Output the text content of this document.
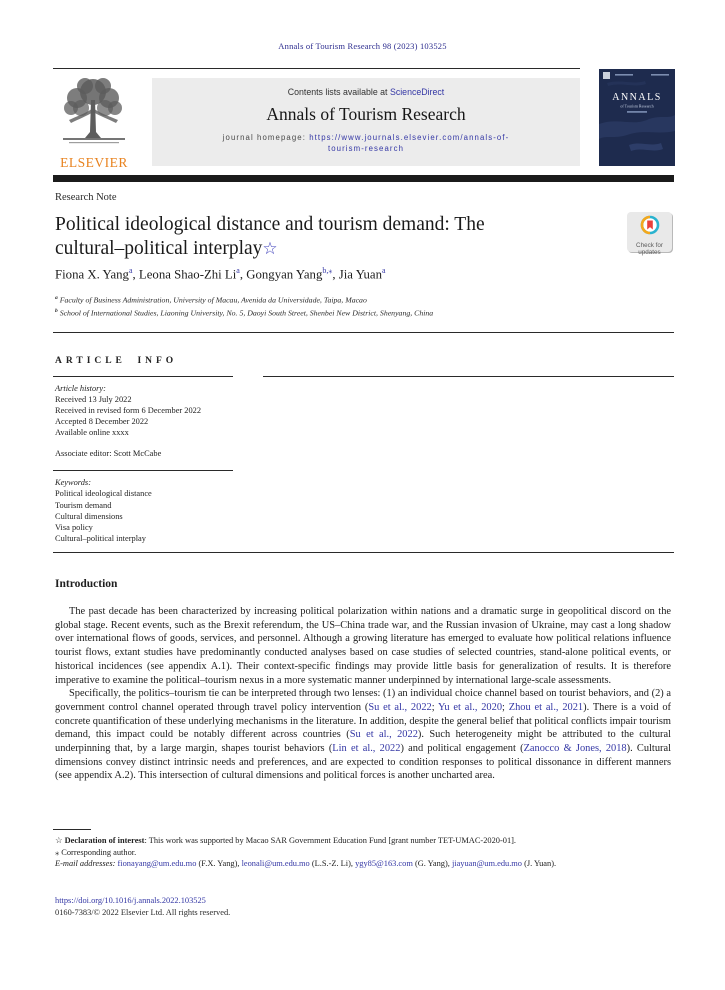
Annals of Tourism Research 98 (2023) 103525
ELSEVIER
Contents lists available at ScienceDirect
Annals of Tourism Research
journal homepage: https://www.journals.elsevier.com/annals-of-
tourism-research
ANNALS
of Tourism Research
Research Note
Political ideological distance and tourism demand: The
cultural–political interplay☆	Check for
updates
Fiona X. Yang$^a$, Leona Shao-Zhi Li$^a$, Gongyan Yang$^{b,⁎}$, Jia Yuan$^a$
$^a$ Faculty of Business Administration, University of Macau, Avenida da Universidade, Taipa, Macao
$^b$ School of International Studies, Liaoning University, No. 5, Daoyi South Street, Shenbei New District, Shenyang, China
ARTICLE INFO
Article history:
Received 13 July 2022
Received in revised form 6 December 2022
Accepted 8 December 2022
Available online xxxx
Associate editor: Scott McCabe
Keywords:
Political ideological distance
Tourism demand
Cultural dimensions
Visa policy
Cultural–political interplay
Introduction

The past decade has been characterized by increasing political polarization within nations and a dramatic surge in geopolitical discord on the global stage. Recent events, such as the Brexit referendum, the US–China trade war, and the Russian invasion of Ukraine, may cast a long shadow over international flows of goods, services, and personnel. Although a growing literature has emerged to evaluate how political relations influence tourist flows, extant studies have predominantly conducted analyses based on case studies of selected countries, stand-alone political events, or historical incidences (see appendix A.1). Their context-specific findings may provide little basis for generalization of results. It is therefore imperative to examine the political–tourism nexus in a more systematic manner underpinned by international large-scale assessments.

Specifically, the politics–tourism tie can be interpreted through two lenses: (1) an individual choice channel based on tourist behaviors, and (2) a government control channel operated through travel policy intervention (Su et al., 2022; Yu et al., 2020; Zhou et al., 2021). There is a void of concrete quantification of these underlying mechanisms in the literature. In addition, despite the general belief that political conflicts impair tourism demand, this impact could be notably different across countries (Su et al., 2022). Such heterogeneity might be attributed to the cultural underpinning that, by a large margin, shapes tourist behaviors (Lin et al., 2022) and political engagement (Zanocco & Jones, 2018). Cultural dimensions convey distinct intrinsic needs and preferences, and are expected to condition responses to political dissonance in different manners (see appendix A.2). This intersection of cultural dimensions and political forces is another uncharted area.

☆ Declaration of interest: This work was supported by Macao SAR Government Education Fund [grant number TET-UMAC-2020-01].
⁎ Corresponding author.
E-mail addresses: fionayang@um.edu.mo (F.X. Yang), leonali@um.edu.mo (L.S.-Z. Li), ygy85@163.com (G. Yang), jiayuan@um.edu.mo (J. Yuan).
https://doi.org/10.1016/j.annals.2022.103525
0160-7383/© 2022 Elsevier Ltd. All rights reserved.
